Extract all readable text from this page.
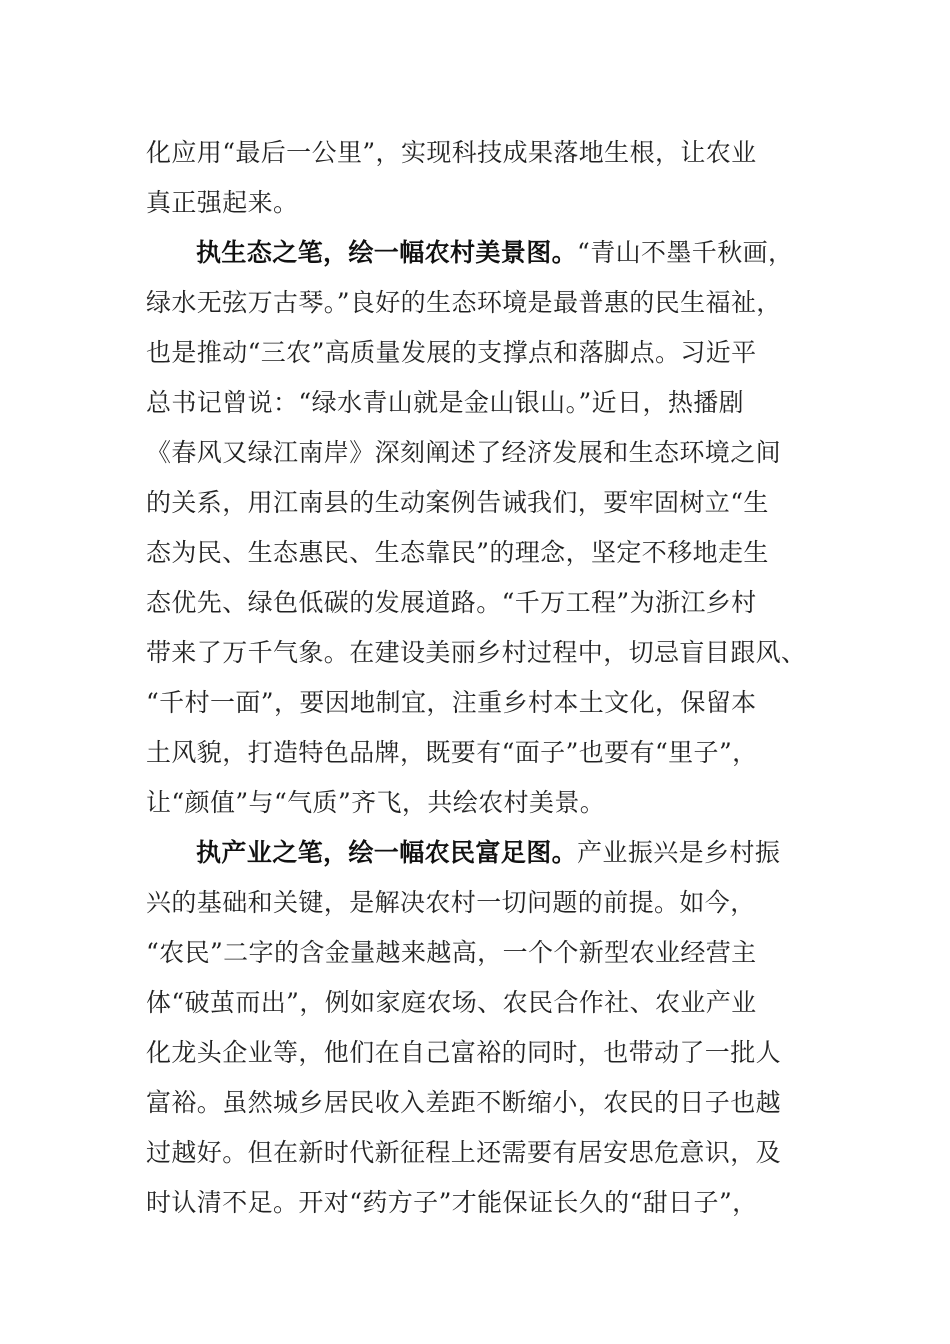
化应用“最后一公里”，实现科技成果落地生根，让农业
真正强起来。
执生态之笔，绘一幅农村美景图。“青山不墨千秋画，
绿水无弦万古琴。”良好的生态环境是最普惠的民生福祉，
也是推动“三农”高质量发展的支撑点和落脚点。习近平
总书记曾说：“绿水青山就是金山银山。”近日，热播剧
《春风又绿江南岸》深刻阐述了经济发展和生态环境之间
的关系，用江南县的生动案例告诫我们，要牢固树立“生
态为民、生态惠民、生态靠民”的理念，坚定不移地走生
态优先、绿色低碳的发展道路。“千万工程”为浙江乡村
带来了万千气象。在建设美丽乡村过程中，切忌盲目跟风、
“千村一面”，要因地制宜，注重乡村本土文化，保留本
土风貌，打造特色品牌，既要有“面子”也要有“里子”，
让“颜值”与“气质”齐飞，共绘农村美景。
执产业之笔，绘一幅农民富足图。产业振兴是乡村振
兴的基础和关键，是解决农村一切问题的前提。如今，
“农民”二字的含金量越来越高，一个个新型农业经营主
体“破茧而出”，例如家庭农场、农民合作社、农业产业
化龙头企业等，他们在自己富裕的同时，也带动了一批人
富裕。虽然城乡居民收入差距不断缩小，农民的日子也越
过越好。但在新时代新征程上还需要有居安思危意识，及
时认清不足。开对“药方子”才能保证长久的“甜日子”，
